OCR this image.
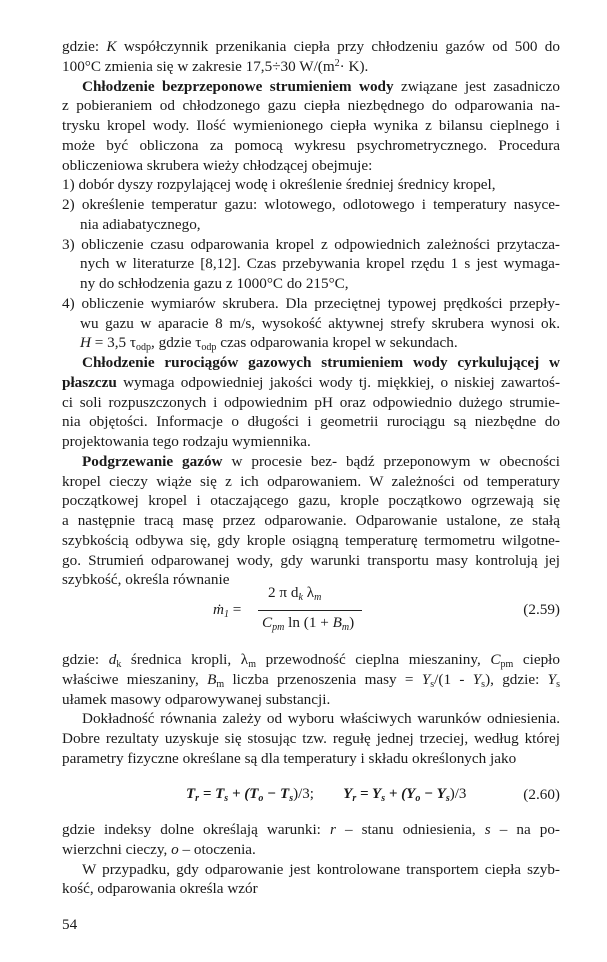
gdzie: K współczynnik przenikania ciepła przy chłodzeniu gazów od 500 do
100°C zmienia się w zakresie 17,5÷30 $W/(m^2\cdot K)$.
Chłodzenie bezprzeponowe strumieniem wody związane jest zasadniczo
z pobieraniem od chłodzonego gazu ciepła niezbędnego do odparowania na-
trysku kropel wody. Ilość wymienionego ciepła wynika z bilansu cieplnego i
może być obliczona za pomocą wykresu psychrometrycznego. Procedura
obliczeniowa skrubera wieży chłodzącej obejmuje:
1) dobór dyszy rozpylającej wodę i określenie średniej średnicy kropel,
2) określenie temperatur gazu: wlotowego, odlotowego i temperatury nasyce-
nia adiabatycznego,
3) obliczenie czasu odparowania kropel z odpowiednich zależności przytacza-
nych w literaturze [8,12]. Czas przebywania kropel rzędu 1 s jest wymaga-
ny do schłodzenia gazu z 1000°C do 215°C,
4) obliczenie wymiarów skrubera. Dla przeciętnej typowej prędkości przepły-
wu gazu w aparacie 8 m/s, wysokość aktywnej strefy skrubera wynosi ok.
H = 3,5 $\tau_{odp}$, gdzie $\tau_{odp}$ czas odparowania kropel w sekundach.
Chłodzenie rurociągów gazowych strumieniem wody cyrkulującej w
płaszczu wymaga odpowiedniej jakości wody tj. miękkiej, o niskiej zawartoś-
ci soli rozpuszczonych i odpowiednim pH oraz odpowiednio dużego strumie-
nia objętości. Informacje o długości i geometrii rurociągu są niezbędne do
projektowania tego rodzaju wymiennika.
Podgrzewanie gazów w procesie bez- bądź przeponowym w obecności
kropel cieczy wiąże się z ich odparowaniem. W zależności od temperatury
początkowej kropel i otaczającego gazu, krople początkowo ogrzewają się
a następnie tracą masę przez odparowanie. Odparowanie ustalone, ze stałą
szybkością odbywa się, gdy krople osiągną temperaturę termometru wilgotne-
go. Strumień odparowanej wody, gdy warunki transportu masy kontrolują jej
szybkość, określa równanie
ṁ$_1$ =
2 π $d_k$ $\lambda_m$
$C_{pm}$ $\ln (1 + B_m)$
(2.59)
gdzie: $d_k$ średnica kropli, $\lambda_m$ przewodność cieplna mieszaniny, $C_{pm}$ ciepło
właściwe mieszaniny, $B_m$ liczba przenoszenia masy = $Y_s/(1 - Y_s)$, gdzie: $Y_s$
ułamek masowy odparowywanej substancji.
Dokładność równania zależy od wyboru właściwych warunków odniesienia.
Dobre rezultaty uzyskuje się stosując tzw. regułę jednej trzeciej, według której
parametry fizyczne określane są dla temperatury i składu określonych jako
$T_r = T_s + (T_o - T_s)/3$; $Y_r = Y_s + (Y_o - Y_s)/3$	(2.60)
gdzie indeksy dolne określają warunki: r – stanu odniesienia, s – na po-
wierzchni cieczy, o – otoczenia.
W przypadku, gdy odparowanie jest kontrolowane transportem ciepła szyb-
kość, odparowania określa wzór
54
